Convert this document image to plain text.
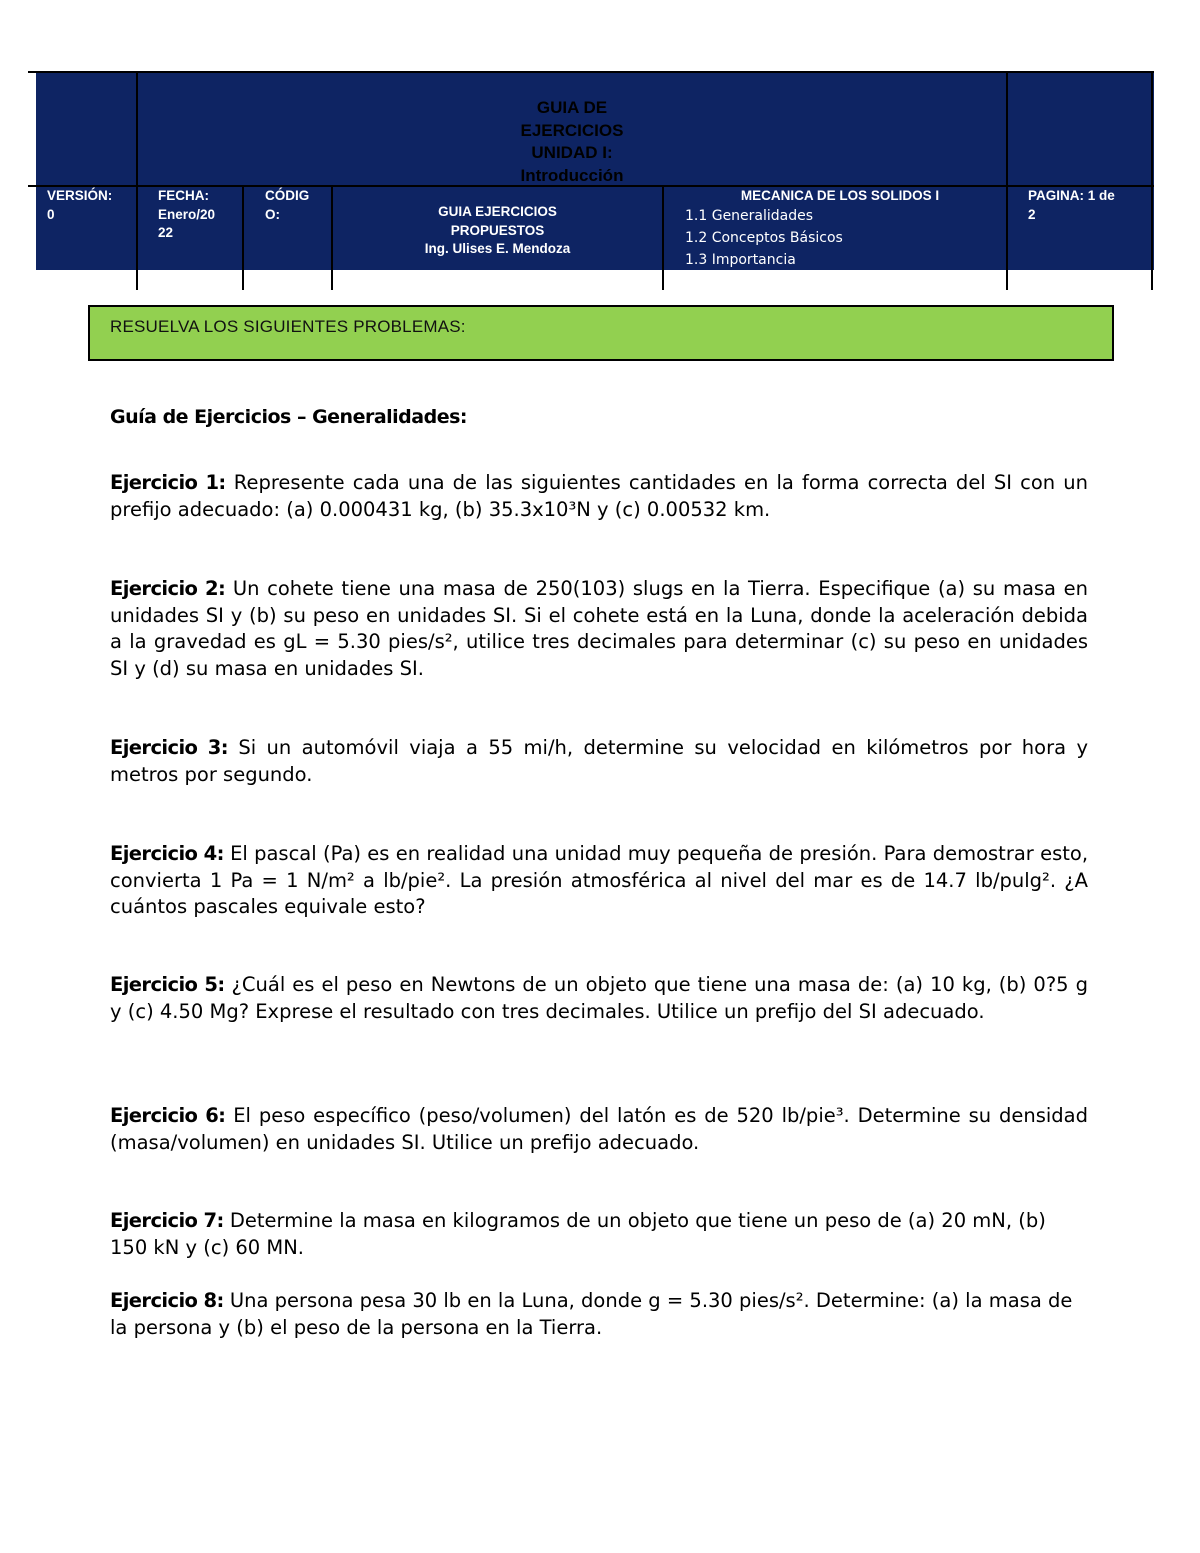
GUIA DE
EJERCICIOS
UNIDAD I:
Introducción
VERSIÓN:
0
FECHA:
Enero/20
22
CÓDIG
O:	GUIA EJERCICIOS
PROPUESTOS
Ing. Ulises E. Mendoza
MECANICA DE LOS SOLIDOS I
1.1 Generalidades
1.2 Conceptos Básicos
1.3 Importancia
PAGINA: 1 de
2
RESUELVA LOS SIGUIENTES PROBLEMAS:
Guía de Ejercicios – Generalidades:
Ejercicio 1: Represente cada una de las siguientes cantidades en la forma correcta del SI con un prefijo adecuado: (a) 0.000431 kg, (b) 35.3x10³N y (c) 0.00532 km.
Ejercicio 2: Un cohete tiene una masa de 250(103) slugs en la Tierra. Especifique (a) su masa en unidades SI y (b) su peso en unidades SI. Si el cohete está en la Luna, donde la aceleración debida a la gravedad es gL = 5.30 pies/s², utilice tres decimales para determinar (c) su peso en unidades SI y (d) su masa en unidades SI.
Ejercicio 3: Si un automóvil viaja a 55 mi/h, determine su velocidad en kilómetros por hora y metros por segundo.
Ejercicio 4: El pascal (Pa) es en realidad una unidad muy pequeña de presión. Para demostrar esto, convierta 1 Pa = 1 N/m² a lb/pie². La presión atmosférica al nivel del mar es de 14.7 lb/pulg². ¿A cuántos pascales equivale esto?
Ejercicio 5: ¿Cuál es el peso en Newtons de un objeto que tiene una masa de: (a) 10 kg, (b) 0?5 g y (c) 4.50 Mg? Exprese el resultado con tres decimales. Utilice un prefijo del SI adecuado.
Ejercicio 6: El peso específico (peso/volumen) del latón es de 520 lb/pie³. Determine su densidad (masa/volumen) en unidades SI. Utilice un prefijo adecuado.
Ejercicio 7: Determine la masa en kilogramos de un objeto que tiene un peso de (a) 20 mN, (b) 150 kN y (c) 60 MN.
Ejercicio 8: Una persona pesa 30 lb en la Luna, donde g = 5.30 pies/s². Determine: (a) la masa de la persona y (b) el peso de la persona en la Tierra.
